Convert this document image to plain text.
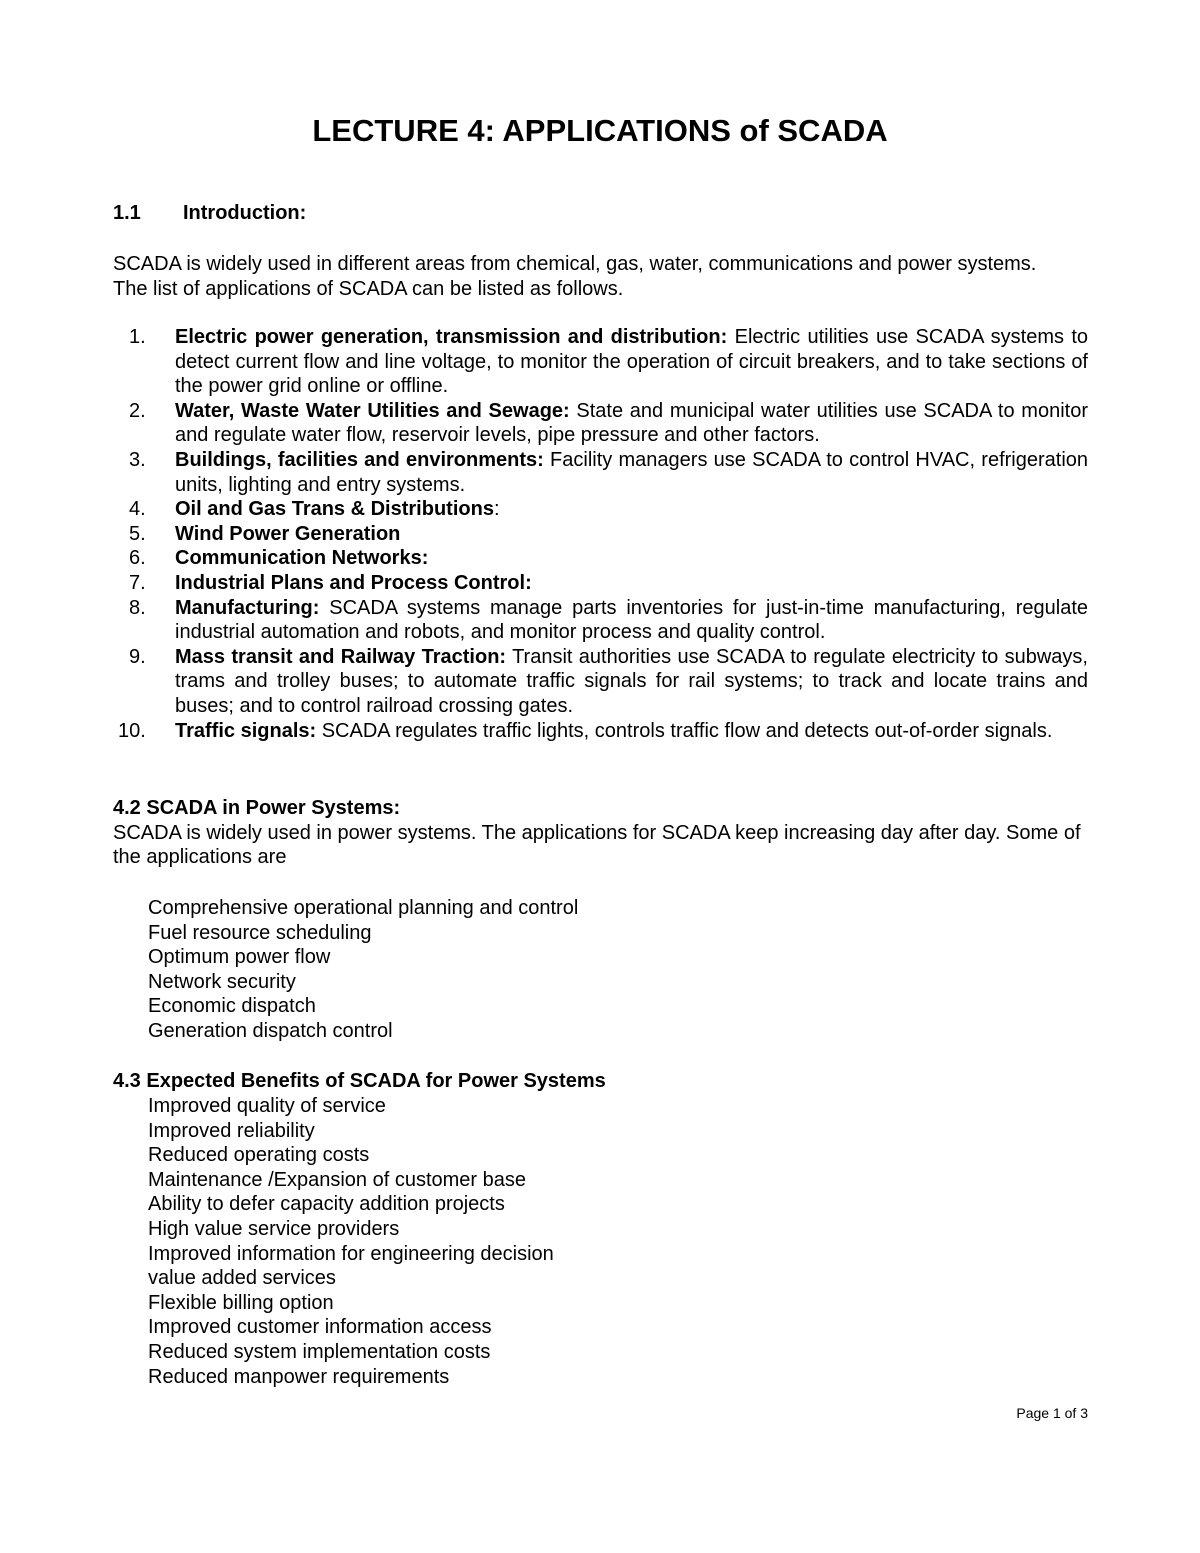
LECTURE 4: APPLICATIONS of SCADA
1.1	Introduction:
SCADA is widely used in different areas from chemical, gas, water, communications and power systems. The list of applications of SCADA can be listed as follows.
1.	Electric power generation, transmission and distribution: Electric utilities use SCADA systems to detect current flow and line voltage, to monitor the operation of circuit breakers, and to take sections of the power grid online or offline.
2.	Water, Waste Water Utilities and Sewage: State and municipal water utilities use SCADA to monitor and regulate water flow, reservoir levels, pipe pressure and other factors.
3.	Buildings, facilities and environments: Facility managers use SCADA to control HVAC, refrigeration units, lighting and entry systems.
4.	Oil and Gas Trans & Distributions:
5.	Wind Power Generation
6.	Communication Networks:
7.	Industrial Plans and Process Control:
8.	Manufacturing: SCADA systems manage parts inventories for just-in-time manufacturing, regulate industrial automation and robots, and monitor process and quality control.
9.	Mass transit and Railway Traction: Transit authorities use SCADA to regulate electricity to subways, trams and trolley buses; to automate traffic signals for rail systems; to track and locate trains and buses; and to control railroad crossing gates.
10.	Traffic signals: SCADA regulates traffic lights, controls traffic flow and detects out-of-order signals.
4.2 SCADA in Power Systems:
SCADA is widely used in power systems. The applications for SCADA keep increasing day after day. Some of the applications are
Comprehensive operational planning and control
Fuel resource scheduling
Optimum power flow
Network security
Economic dispatch
Generation dispatch control
4.3 Expected Benefits of SCADA for Power Systems
Improved quality of service
Improved reliability
Reduced operating costs
Maintenance /Expansion of customer base
Ability to defer capacity addition projects
High value service providers
Improved information for engineering decision
value added services
Flexible billing option
Improved customer information access
Reduced system implementation costs
Reduced manpower requirements
Page 1 of 3
